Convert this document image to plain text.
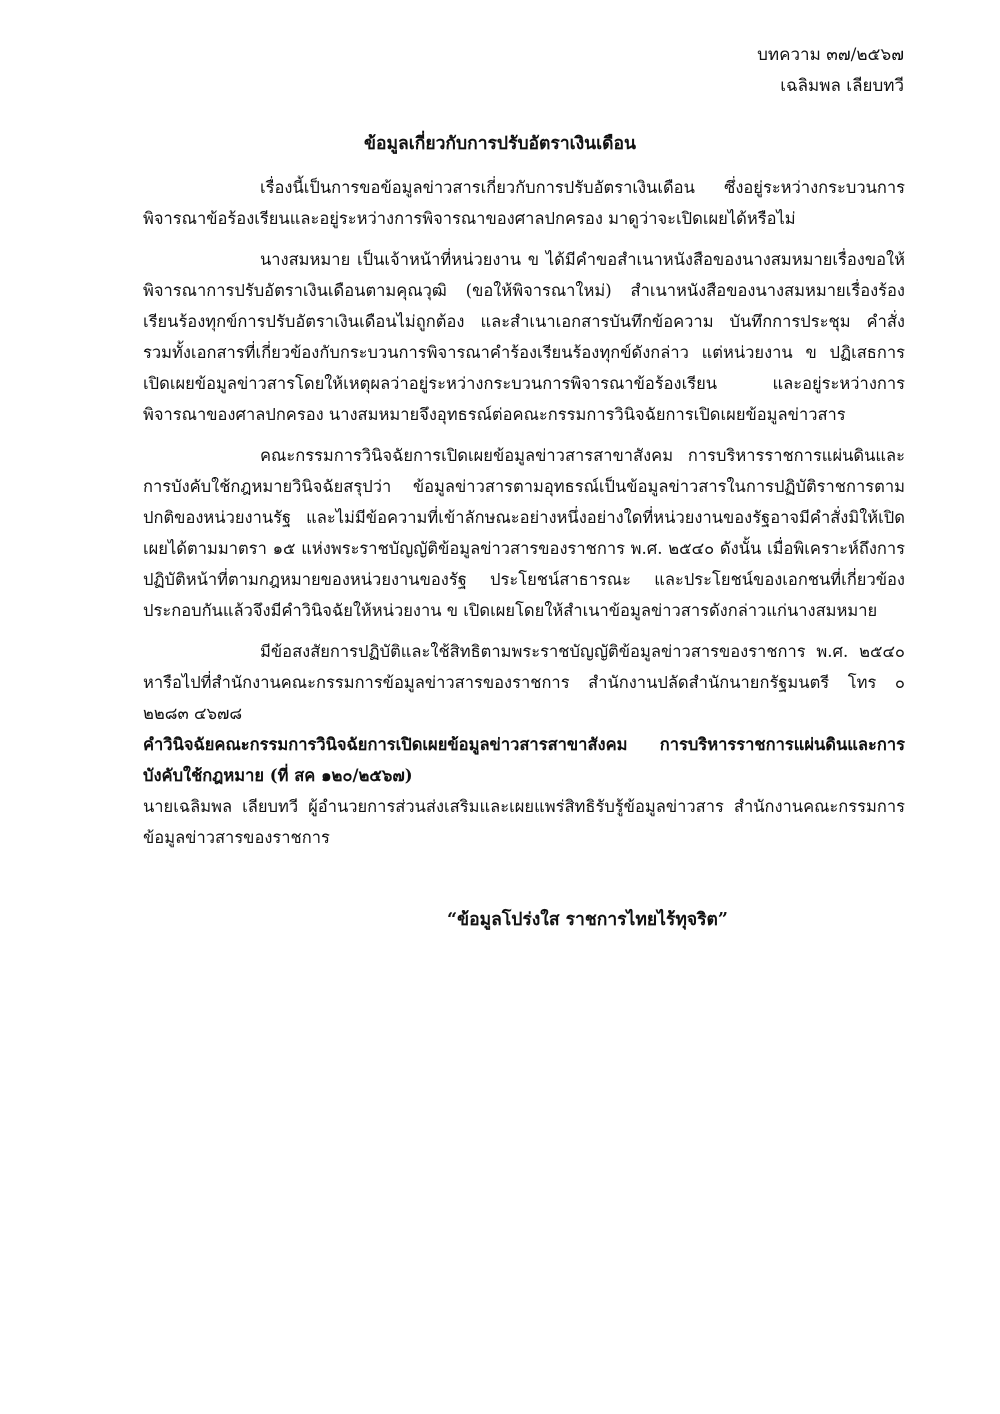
บทความ ๓๗/๒๕๖๗
เฉลิมพล เลียบทวี
ข้อมูลเกี่ยวกับการปรับอัตราเงินเดือน

เรื่องนี้เป็นการขอข้อมูลข่าวสารเกี่ยวกับการปรับอัตราเงินเดือน ซึ่งอยู่ระหว่างกระบวนการพิจารณาข้อร้องเรียนและอยู่ระหว่างการพิจารณาของศาลปกครอง มาดูว่าจะเปิดเผยได้หรือไม่

นางสมหมาย เป็นเจ้าหน้าที่หน่วยงาน ข ได้มีคำขอสำเนาหนังสือของนางสมหมายเรื่องขอให้พิจารณาการปรับอัตราเงินเดือนตามคุณวุฒิ (ขอให้พิจารณาใหม่) สำเนาหนังสือของนางสมหมายเรื่องร้องเรียนร้องทุกข์การปรับอัตราเงินเดือนไม่ถูกต้อง และสำเนาเอกสารบันทึกข้อความ บันทึกการประชุม คำสั่ง รวมทั้งเอกสารที่เกี่ยวข้องกับกระบวนการพิจารณาคำร้องเรียนร้องทุกข์ดังกล่าว แต่หน่วยงาน ข ปฏิเสธการเปิดเผยข้อมูลข่าวสารโดยให้เหตุผลว่าอยู่ระหว่างกระบวนการพิจารณาข้อร้องเรียน และอยู่ระหว่างการพิจารณาของศาลปกครอง นางสมหมายจึงอุทธรณ์ต่อคณะกรรมการวินิจฉัยการเปิดเผยข้อมูลข่าวสาร

คณะกรรมการวินิจฉัยการเปิดเผยข้อมูลข่าวสารสาขาสังคม การบริหารราชการแผ่นดินและการบังคับใช้กฎหมายวินิจฉัยสรุปว่า ข้อมูลข่าวสารตามอุทธรณ์เป็นข้อมูลข่าวสารในการปฏิบัติราชการตามปกติของหน่วยงานรัฐ และไม่มีข้อความที่เข้าลักษณะอย่างหนึ่งอย่างใดที่หน่วยงานของรัฐอาจมีคำสั่งมิให้เปิดเผยได้ตามมาตรา ๑๕ แห่งพระราชบัญญัติข้อมูลข่าวสารของราชการ พ.ศ. ๒๕๔๐ ดังนั้น เมื่อพิเคราะห์ถึงการปฏิบัติหน้าที่ตามกฎหมายของหน่วยงานของรัฐ ประโยชน์สาธารณะ และประโยชน์ของเอกชนที่เกี่ยวข้องประกอบกันแล้วจึงมีคำวินิจฉัยให้หน่วยงาน ข เปิดเผยโดยให้สำเนาข้อมูลข่าวสารดังกล่าวแก่นางสมหมาย

มีข้อสงสัยการปฏิบัติและใช้สิทธิตามพระราชบัญญัติข้อมูลข่าวสารของราชการ พ.ศ. ๒๕๔๐ หารือไปที่สำนักงานคณะกรรมการข้อมูลข่าวสารของราชการ สำนักงานปลัดสำนักนายกรัฐมนตรี โทร ๐ ๒๒๘๓ ๔๖๗๘

คำวินิจฉัยคณะกรรมการวินิจฉัยการเปิดเผยข้อมูลข่าวสารสาขาสังคม การบริหารราชการแผ่นดินและการบังคับใช้กฎหมาย (ที่ สค ๑๒๐/๒๕๖๗)

นายเฉลิมพล เลียบทวี ผู้อำนวยการส่วนส่งเสริมและเผยแพร่สิทธิรับรู้ข้อมูลข่าวสาร สำนักงานคณะกรรมการข้อมูลข่าวสารของราชการ

“ข้อมูลโปร่งใส ราชการไทยไร้ทุจริต”
